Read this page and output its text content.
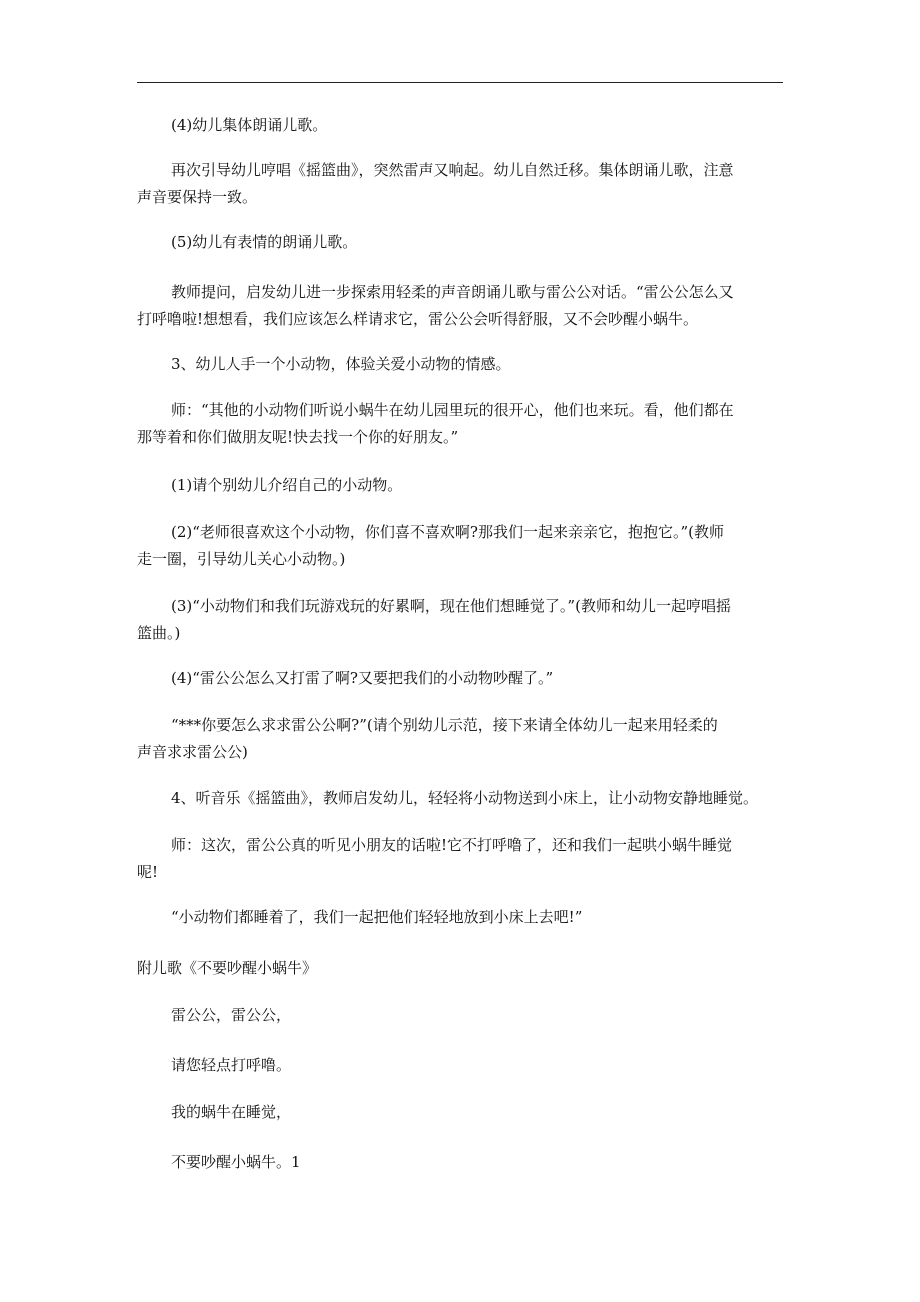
(4)幼儿集体朗诵儿歌。
再次引导幼儿哼唱《摇篮曲》，突然雷声又响起。幼儿自然迁移。集体朗诵儿歌，注意
声音要保持一致。
(5)幼儿有表情的朗诵儿歌。
教师提问，启发幼儿进一步探索用轻柔的声音朗诵儿歌与雷公公对话。“雷公公怎么又
打呼噜啦!想想看，我们应该怎么样请求它，雷公公会听得舒服，又不会吵醒小蜗牛。
3、幼儿人手一个小动物，体验关爱小动物的情感。
师：“其他的小动物们听说小蜗牛在幼儿园里玩的很开心，他们也来玩。看，他们都在
那等着和你们做朋友呢!快去找一个你的好朋友。”
(1)请个别幼儿介绍自己的小动物。
(2)“老师很喜欢这个小动物，你们喜不喜欢啊?那我们一起来亲亲它，抱抱它。”(教师
走一圈，引导幼儿关心小动物。)
(3)“小动物们和我们玩游戏玩的好累啊，现在他们想睡觉了。”(教师和幼儿一起哼唱摇
篮曲。)
(4)“雷公公怎么又打雷了啊?又要把我们的小动物吵醒了。”
“***你要怎么求求雷公公啊?”(请个别幼儿示范，接下来请全体幼儿一起来用轻柔的
声音求求雷公公)
4、听音乐《摇篮曲》，教师启发幼儿，轻轻将小动物送到小床上，让小动物安静地睡觉。
师：这次，雷公公真的听见小朋友的话啦!它不打呼噜了，还和我们一起哄小蜗牛睡觉
呢!
“小动物们都睡着了，我们一起把他们轻轻地放到小床上去吧!”
附儿歌《不要吵醒小蜗牛》
雷公公，雷公公，
请您轻点打呼噜。
我的蜗牛在睡觉，
不要吵醒小蜗牛。1
